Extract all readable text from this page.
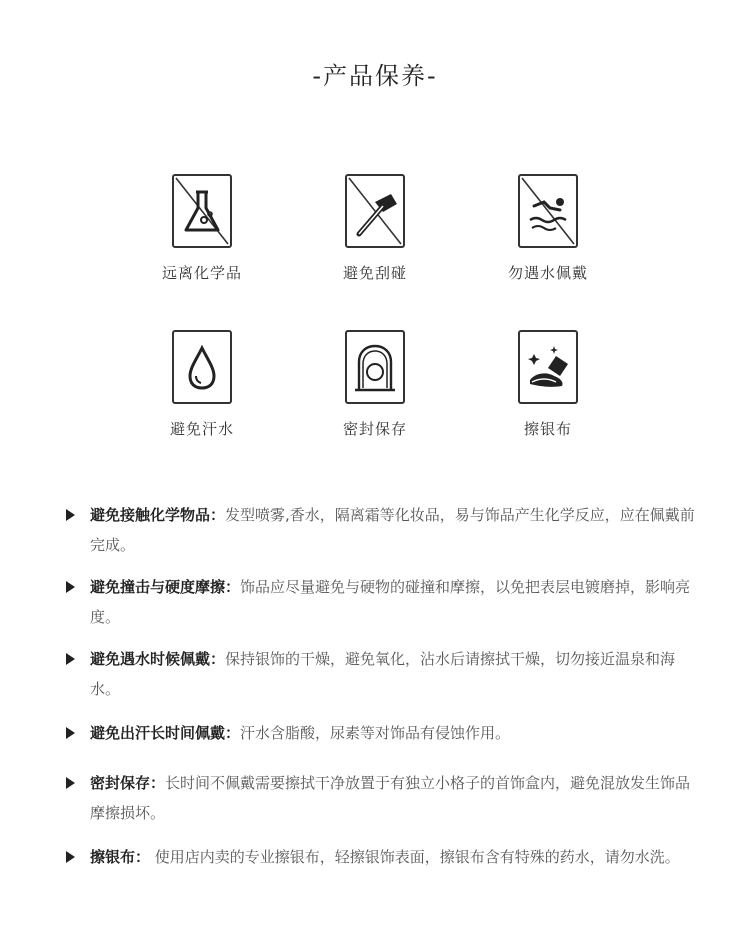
-产品保养-
远离化学品	避免刮碰	勿遇水佩戴
避免汗水	密封保存	擦银布
避免接触化学物品：发型喷雾,香水，隔离霜等化妆品，易与饰品产生化学反应，应在佩戴前完成。
避免撞击与硬度摩擦：饰品应尽量避免与硬物的碰撞和摩擦，以免把表层电镀磨掉，影响亮度。
避免遇水时候佩戴：保持银饰的干燥，避免氧化，沾水后请擦拭干燥，切勿接近温泉和海水。
避免出汗长时间佩戴：汗水含脂酸，尿素等对饰品有侵蚀作用。
密封保存：长时间不佩戴需要擦拭干净放置于有独立小格子的首饰盒内，避免混放发生饰品摩擦损坏。
擦银布： 使用店内卖的专业擦银布，轻擦银饰表面，擦银布含有特殊的药水，请勿水洗。
